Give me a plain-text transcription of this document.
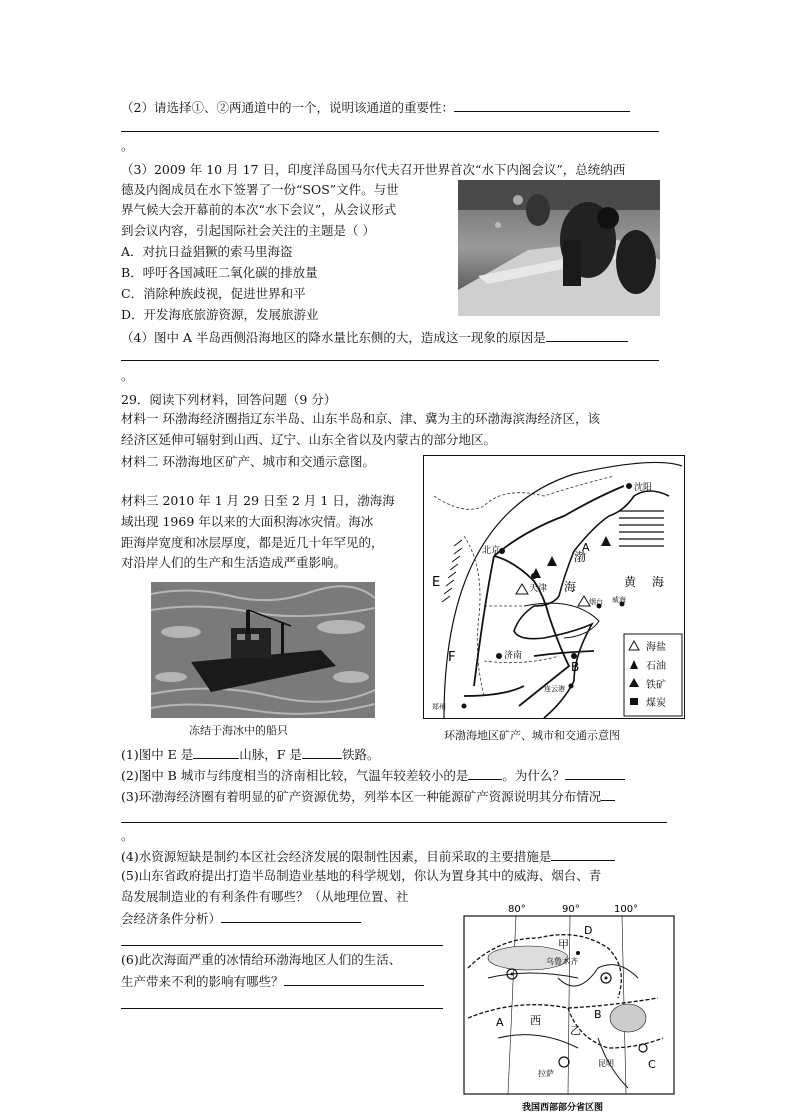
（2）请选择①、②两通道中的一个，说明该通道的重要性：
。
（3）2009 年 10 月 17 日，印度洋岛国马尔代夫召开世界首次“水下内阁会议”，总统纳西
德及内阁成员在水下签署了一份“SOS”文件。与世
界气候大会开幕前的本次“水下会议”，从会议形式
到会议内容，引起国际社会关注的主题是（ ）
A．对抗日益猖獗的索马里海盗
B．呼吁各国减旺二氧化碳的排放量
C．消除种族歧视，促进世界和平
D．开发海底旅游资源，发展旅游业
（4）图中 A 半岛西侧沿海地区的降水量比东侧的大，造成这一现象的原因是
。
29．阅读下列材料，回答问题（9 分）
材料一 环渤海经济圈指辽东半岛、山东半岛和京、津、冀为主的环渤海滨海经济区，该
经济区延伸可辐射到山西、辽宁、山东全省以及内蒙古的部分地区。
材料二 环渤海地区矿产、城市和交通示意图。
材料三 2010 年 1 月 29 日至 2 月 1 日，渤海海
域出现 1969 年以来的大面积海冰灾情。海冰
距海岸宽度和冰层厚度，都是近几十年罕见的，
对沿岸人们的生产和生活造成严重影响。
冻结于海冰中的船只
沈阳
北京
天津
济南
烟台 威海
连云港
郑州
渤
海	黄 海
E
F
B
A
海盐
石油
铁矿
煤炭
环渤海地区矿产、城市和交通示意图
(1)图中 E 是	山脉，F 是	铁路。
(2)图中 B 城市与纬度相当的济南相比较，气温年较差较小的是	。为什么？
(3)环渤海经济圈有着明显的矿产资源优势，列举本区一种能源矿产资源说明其分布情况
。
(4)水资源短缺是制约本区社会经济发展的限制性因素，目前采取的主要措施是
(5)山东省政府提出打造半岛制造业基地的科学规划，你认为置身其中的威海、烟台、青
岛发展制造业的有利条件有哪些？（从地理位置、社
会经济条件分析）
(6)此次海面严重的冰情给环渤海地区人们的生活、
生产带来不利的影响有哪些？
80°	90°	100°
甲
D
乌鲁木齐
A 西
乙
拉萨
B
昆明	C
我国西部部分省区图
